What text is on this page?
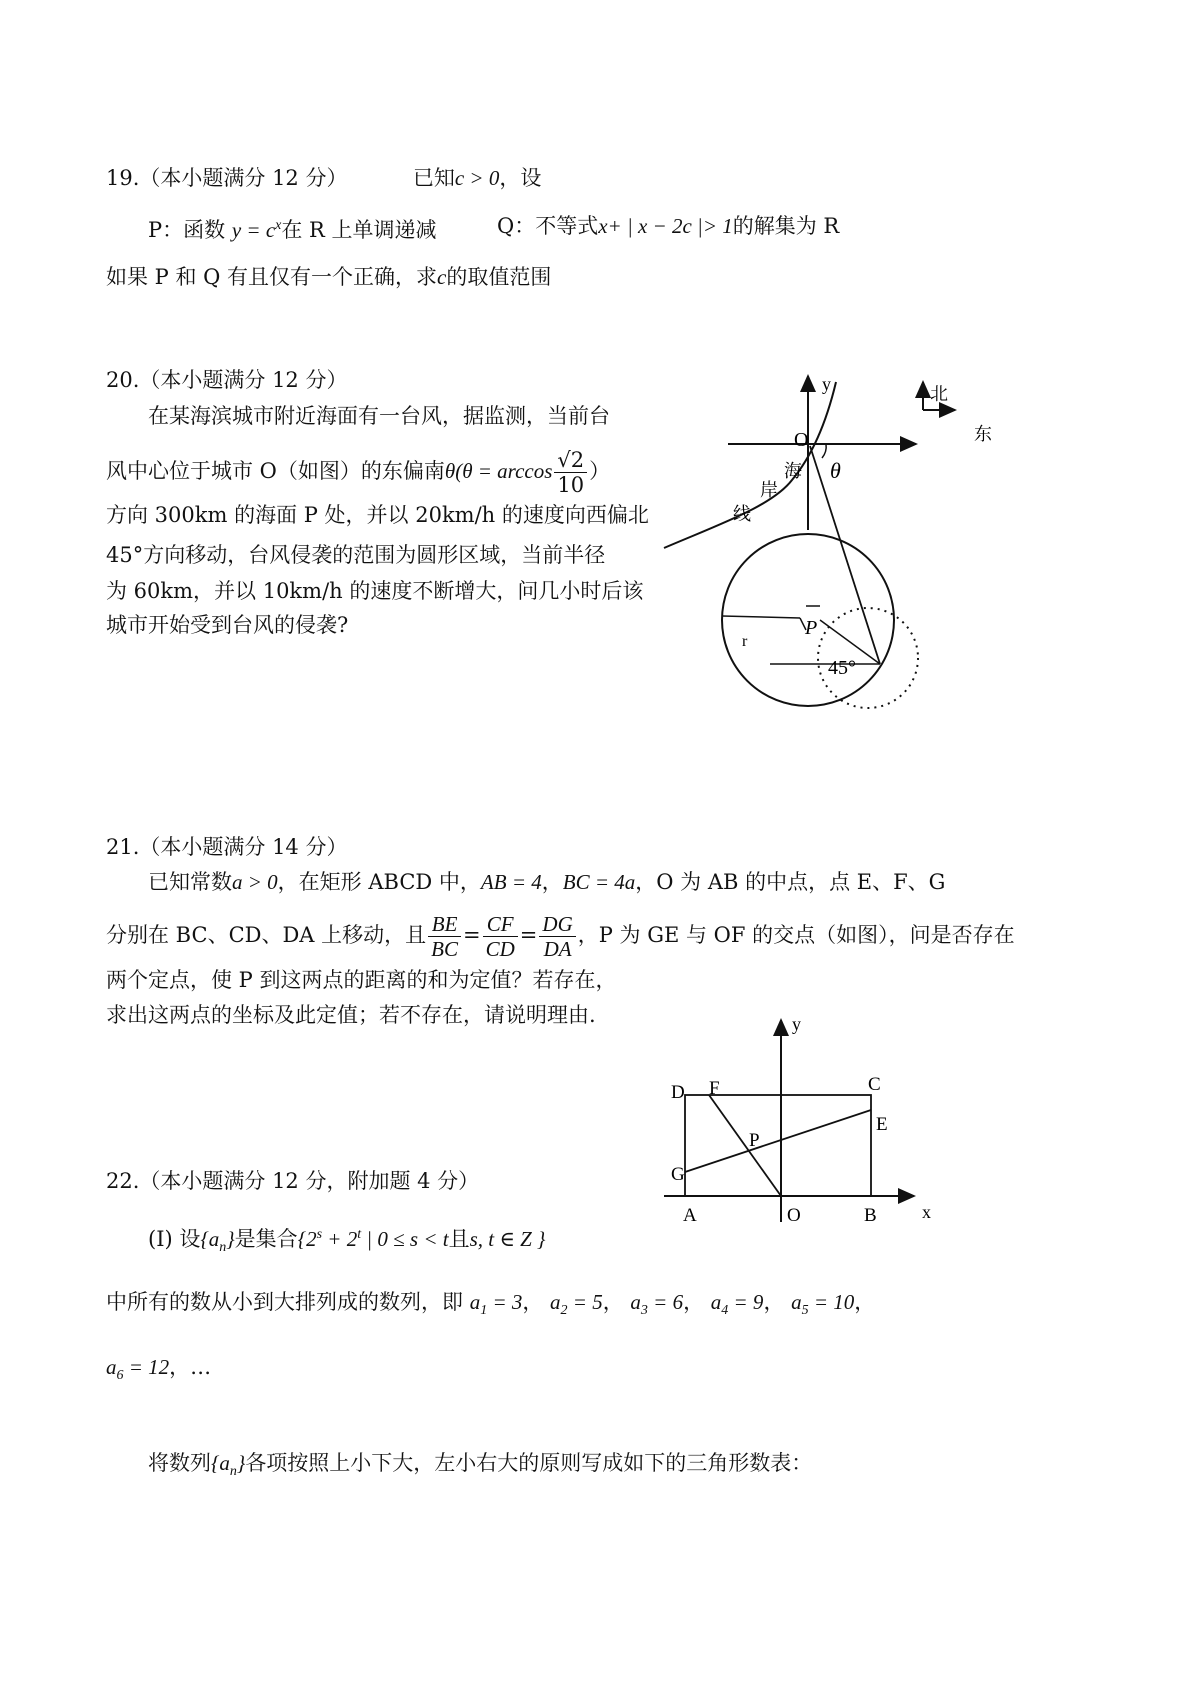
19.（本小题满分 12 分）	已知c > 0，设
P：函数 $y = c^x$在 R 上单调递减	Q：不等式x+ | x − 2c |> 1的解集为 R
如果 P 和 Q 有且仅有一个正确，求c的取值范围
20.（本小题满分 12 分）
在某海滨城市附近海面有一台风，据监测，当前台
风中心位于城市 O（如图）的东偏南$\theta(\theta = \arccos \frac{√2}{10}$ ）
方向 300km 的海面 P 处，并以 20km/h 的速度向西偏北
45°方向移动，台风侵袭的范围为圆形区域，当前半径
为 60km，并以 10km/h 的速度不断增大，问几小时后该
城市开始受到台风的侵袭?
y
O
θ
海
岸
线
北
东
r
P
45°
21.（本小题满分 14 分）
已知常数a > 0，在矩形 ABCD 中，AB = 4，BC = 4a，O 为 AB 的中点，点 E、F、G
分别在 BC、CD、DA 上移动，且 $\frac{BE}{BC} = \frac{CF}{CD} = \frac{DG}{DA}$ ，P 为 GE 与 OF 的交点（如图），问是否存在
两个定点，使 P 到这两点的距离的和为定值？若存在，
求出这两点的坐标及此定值；若不存在，请说明理由.	y
x
D F	C
E
P
G
A	O	B
22.（本小题满分 12 分，附加题 4 分）
(I) 设$\{a_n\}$是集合{$2^s + 2^t$ | 0 ≤ s < t且s, t ∈ Z }
中所有的数从小到大排列成的数列，即 $a_1 = 3$， $a_2 = 5$， $a_3 = 6$， $a_4 = 9$， $a_5 = 10$，
$a_6 = 12$，…
将数列$\{a_n\}$各项按照上小下大，左小右大的原则写成如下的三角形数表：
